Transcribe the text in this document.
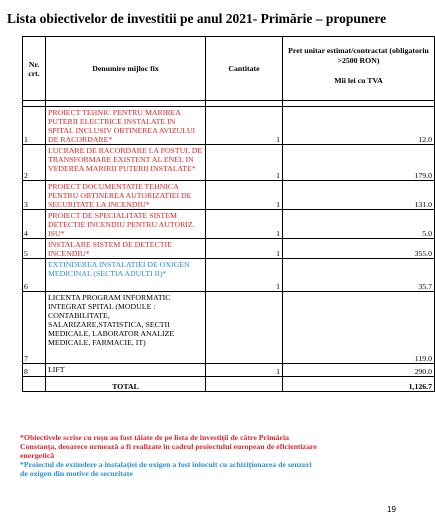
Lista obiectivelor de investitii pe anul 2021- Primărie – propunere
Nr. crt.	Denumire mijloc fix	Cantitate	Pret unitar estimat/contractat (obligatoriu >2500 RON)
Mii lei cu TVA

1	PROIECT TEHNIC PENTRU MARIREA PUTERII ELECTRICE INSTALATE IN SPITAL INCLUSIV OBTINEREA AVIZULUI DE RACORDARE*	1	12.0
2	LUCRARE DE RACORDARE LA POSTUL DE TRANSFORMARE EXISTENT AL ENEL IN VEDEREA MARIRII PUTERII INSTALATE*	1	179.0
3	PROIECT DOCUMENTATIE TEHNICA PENTRU OBTINEREA AUTORIZATIEI DE SECURITATE LA INCENDIU*	1	131.0
4	PROIECT DE SPECIALITATE SISTEM DETECTIE INCENDIU PENTRU AUTORIZ. ISU*	1	5.0
5	INSTALARE SISTEM DE DETECTIE INCENDIU*	1	355.0
6	EXTINDEREA INSTALATIEI DE OXIGEN MEDICINAL (SECTIA ADULTI II)*	1	35.7
7	LICENTA PROGRAM INFORMATIC INTEGRAT SPITAL (MODULE : CONTABILITATE, SALARIZARE,STATISTICA, SECTII MEDICALE, LABORATOR ANALIZE MEDICALE, FARMACIE, IT)		119.0
8	LIFT	1	290.0
	TOTAL		1,126.7

*Obiectivele scrise cu roșu au fost tăiate de pe lista de investiții de către Primăria Constanța, deoarece urmează a fi realizate în cadrul proiectului european de eficientizare energetică

*Proiectul de extindere a instalației de oxigen a fost înlocuit cu achiziționarea de senzori de oxigen din motive de securitate

19
